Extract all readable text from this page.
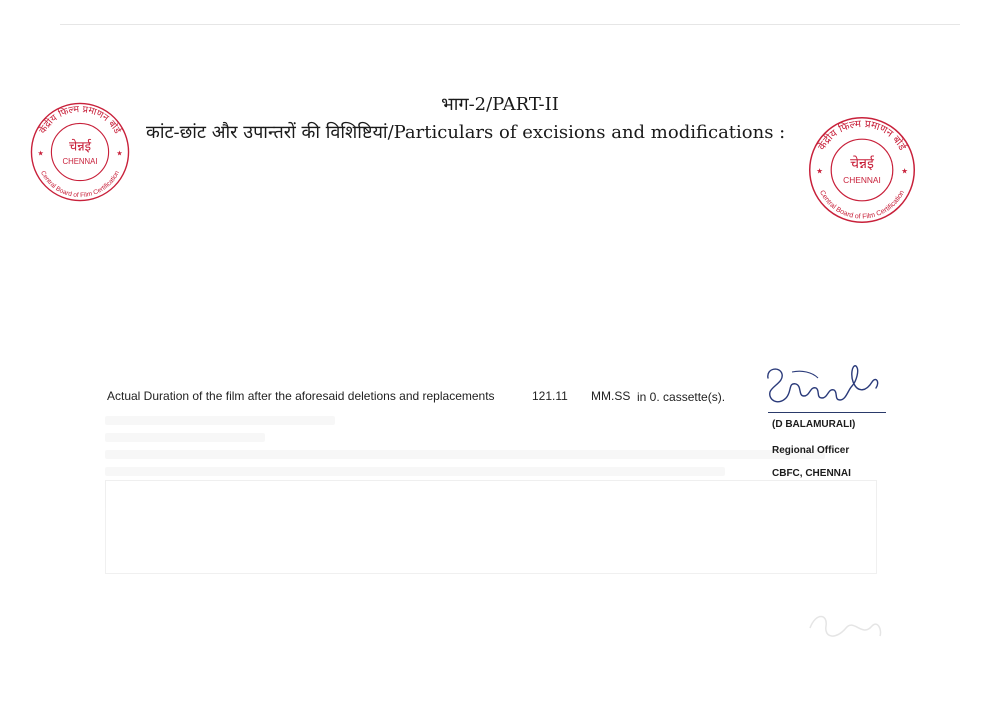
केंद्रीय फिल्म प्रमाणन बोर्ड
चेन्नई
CHENNAI
Central Board of Film Certification
★	★
केंद्रीय फिल्म प्रमाणन बोर्ड
चेन्नई
CHENNAI
Central Board of Film Certification
★	★
भाग-2/PART-II
कांट-छांट और उपान्तरों की विशिष्टियां/Particulars of excisions and modifications :
Actual Duration of the film after the aforesaid deletions and replacements	121.11 MM.SS in 0. cassette(s).
(D BALAMURALI)
Regional Officer
CBFC, CHENNAI
